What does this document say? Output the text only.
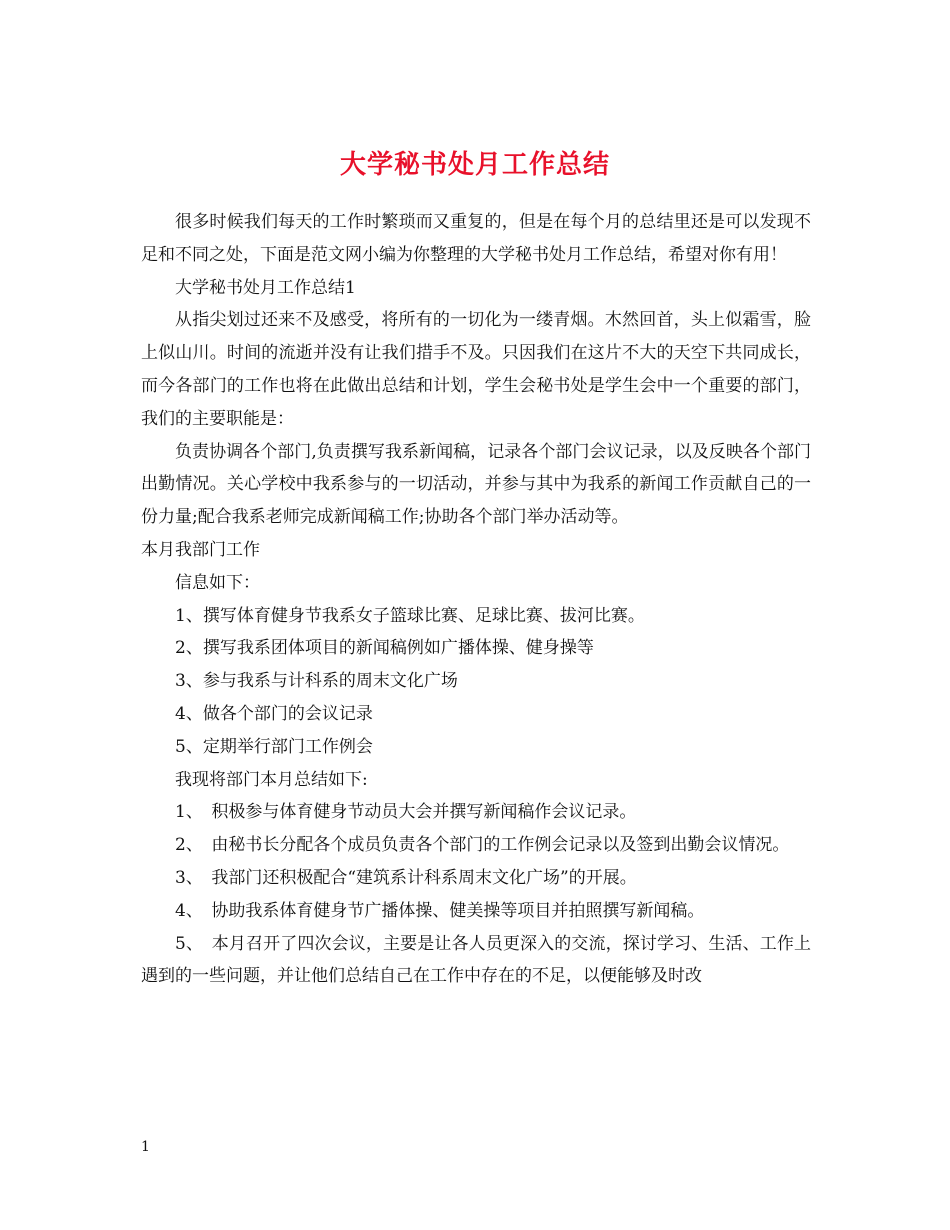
大学秘书处月工作总结

很多时候我们每天的工作时繁琐而又重复的，但是在每个月的总结里还是可以发现不足和不同之处，下面是范文网小编为你整理的大学秘书处月工作总结，希望对你有用！

大学秘书处月工作总结1

从指尖划过还来不及感受，将所有的一切化为一缕青烟。木然回首，头上似霜雪，脸上似山川。时间的流逝并没有让我们措手不及。只因我们在这片不大的天空下共同成长，而今各部门的工作也将在此做出总结和计划，学生会秘书处是学生会中一个重要的部门，我们的主要职能是：

负责协调各个部门,负责撰写我系新闻稿，记录各个部门会议记录，以及反映各个部门出勤情况。关心学校中我系参与的一切活动，并参与其中为我系的新闻工作贡献自己的一份力量;配合我系老师完成新闻稿工作;协助各个部门举办活动等。

本月我部门工作

信息如下：

1、撰写体育健身节我系女子篮球比赛、足球比赛、拔河比赛。

2、撰写我系团体项目的新闻稿例如广播体操、健身操等

3、参与我系与计科系的周末文化广场

4、做各个部门的会议记录

5、定期举行部门工作例会

我现将部门本月总结如下:

1、　积极参与体育健身节动员大会并撰写新闻稿作会议记录。

2、　由秘书长分配各个成员负责各个部门的工作例会记录以及签到出勤会议情况。

3、　我部门还积极配合“建筑系计科系周末文化广场”的开展。

4、　协助我系体育健身节广播体操、健美操等项目并拍照撰写新闻稿。

5、　本月召开了四次会议，主要是让各人员更深入的交流，探讨学习、生活、工作上遇到的一些问题，并让他们总结自己在工作中存在的不足，以便能够及时改

1
